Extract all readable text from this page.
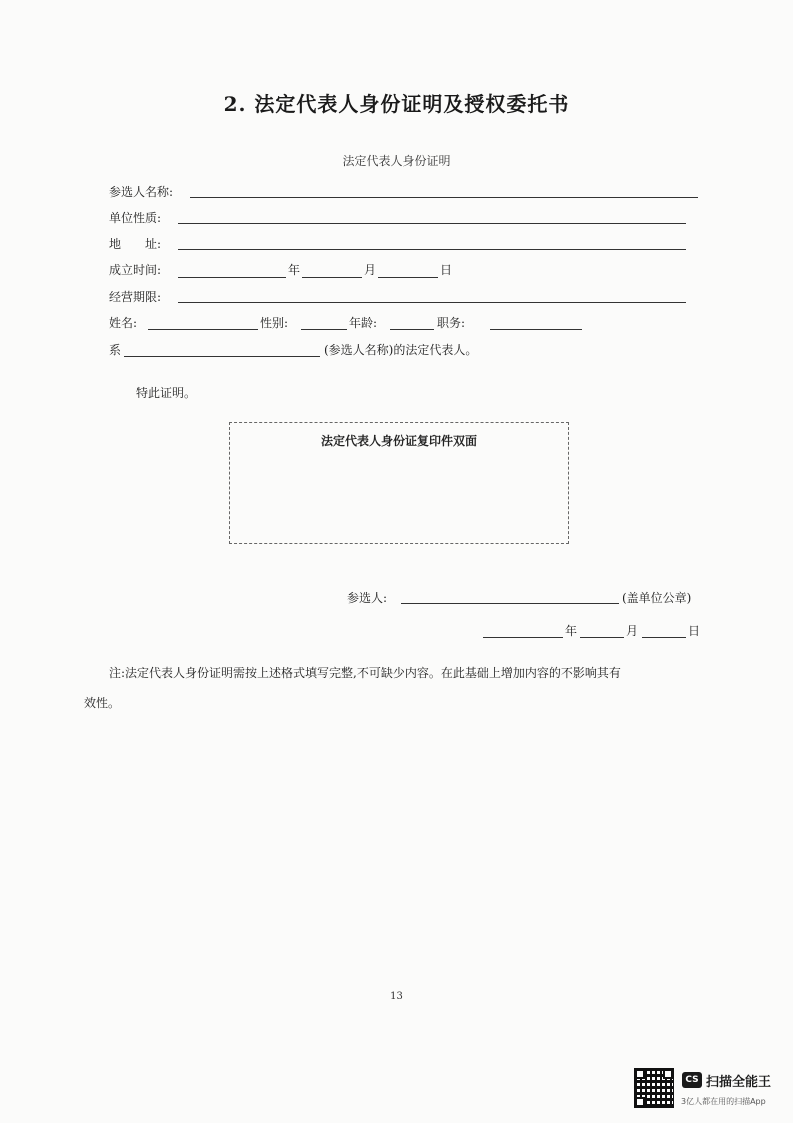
2. 法定代表人身份证明及授权委托书
法定代表人身份证明
参选人名称:
单位性质:
地　　址:
成立时间:	年	月	日
经营期限:
姓名:	性别:	年龄:	职务:
系	(参选人名称)的法定代表人。
特此证明。
法定代表人身份证复印件双面
参选人:	(盖单位公章)
年	月	日
注:法定代表人身份证明需按上述格式填写完整,不可缺少内容。在此基础上增加内容的不影响其有
效性。
13
CS 扫描全能王
3亿人都在用的扫描App
